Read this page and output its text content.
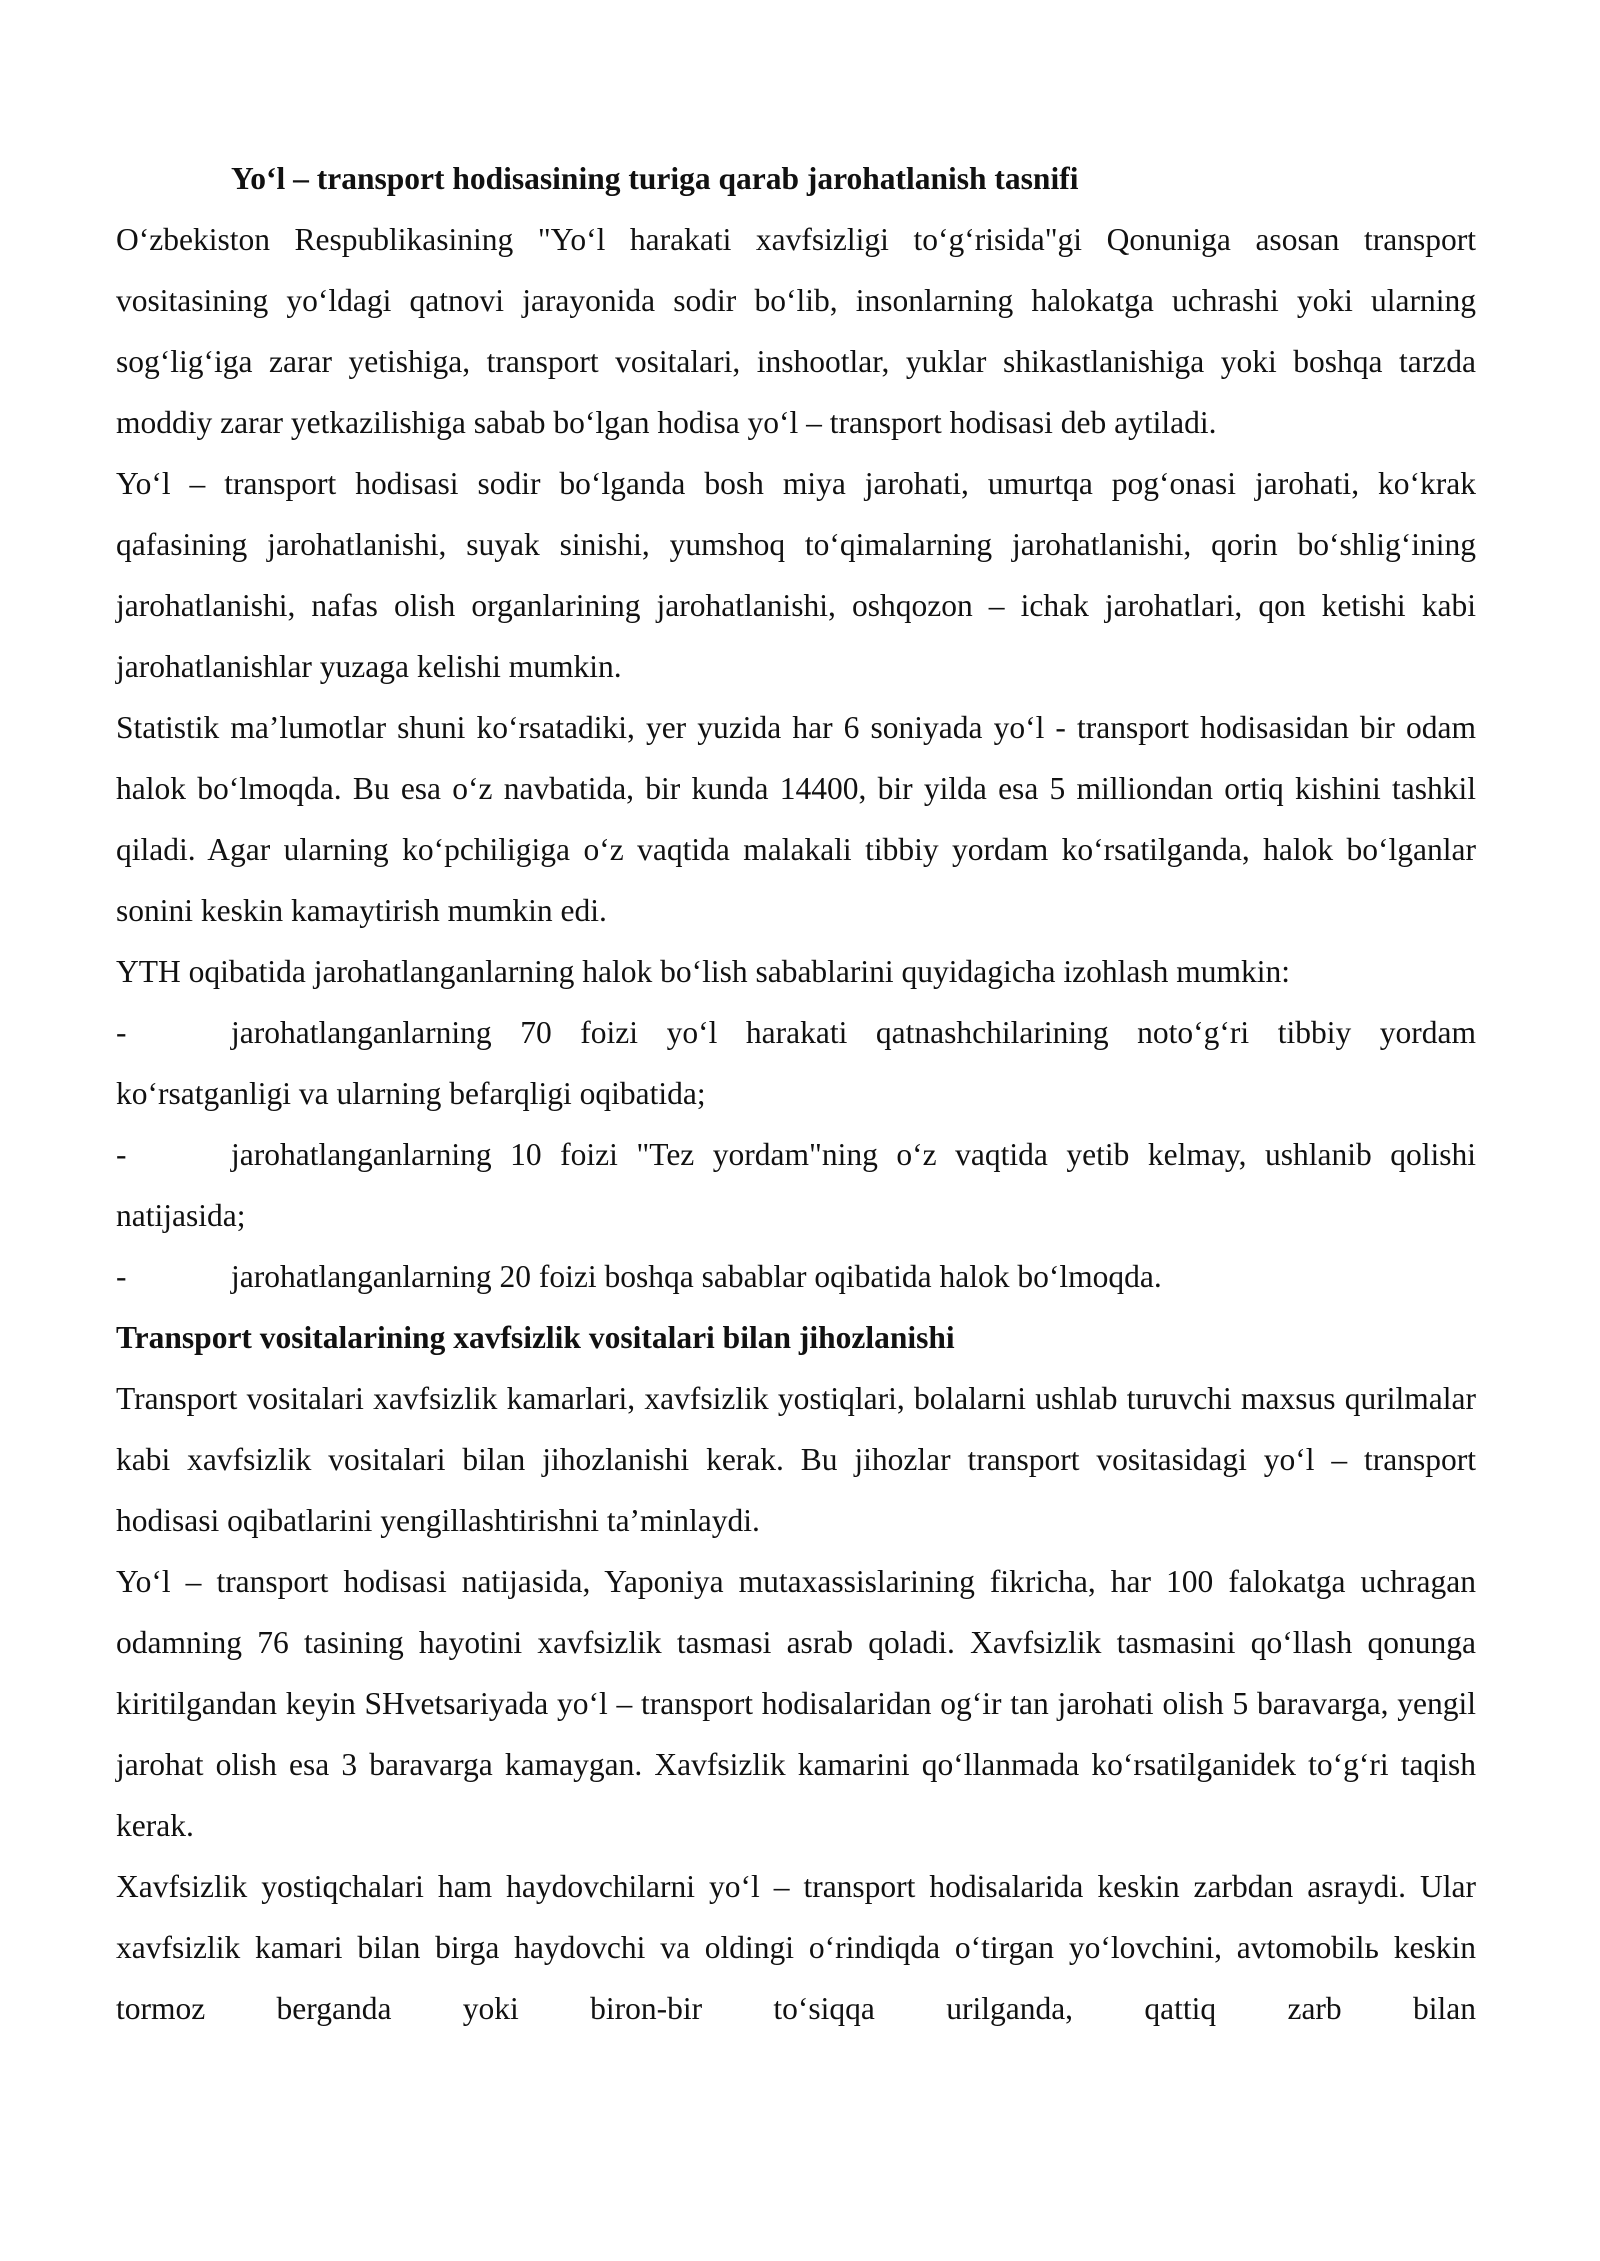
Yo‘l – transport hodisasining turiga qarab jarohatlanish tasnifi

O‘zbekiston Respublikasining "Yo‘l harakati xavfsizligi to‘g‘risida"gi Qonuniga asosan transport vositasining yo‘ldagi qatnovi jarayonida sodir bo‘lib, insonlarning halokatga uchrashi yoki ularning sog‘lig‘iga zarar yetishiga, transport vositalari, inshootlar, yuklar shikastlanishiga yoki boshqa tarzda moddiy zarar yetkazilishiga sabab bo‘lgan hodisa yo‘l – transport hodisasi deb aytiladi.

Yo‘l – transport hodisasi sodir bo‘lganda bosh miya jarohati, umurtqa pog‘onasi jarohati, ko‘krak qafasining jarohatlanishi, suyak sinishi, yumshoq to‘qimalarning jarohatlanishi, qorin bo‘shlig‘ining jarohatlanishi, nafas olish organlarining jarohatlanishi, oshqozon – ichak jarohatlari, qon ketishi kabi jarohatlanishlar yuzaga kelishi mumkin.

Statistik ma’lumotlar shuni ko‘rsatadiki, yer yuzida har 6 soniyada yo‘l - transport hodisasidan bir odam halok bo‘lmoqda. Bu esa o‘z navbatida, bir kunda 14400, bir yilda esa 5 milliondan ortiq kishini tashkil qiladi. Agar ularning ko‘pchiligiga o‘z vaqtida malakali tibbiy yordam ko‘rsatilganda, halok bo‘lganlar sonini keskin kamaytirish mumkin edi.

YTH oqibatida jarohatlanganlarning halok bo‘lish sabablarini quyidagicha izohlash mumkin:

-	jarohatlanganlarning 70 foizi yo‘l harakati qatnashchilarining noto‘g‘ri tibbiy yordam ko‘rsatganligi va ularning befarqligi oqibatida;

-	jarohatlanganlarning 10 foizi "Tez yordam"ning o‘z vaqtida yetib kelmay, ushlanib qolishi natijasida;

-	jarohatlanganlarning 20 foizi boshqa sabablar oqibatida halok bo‘lmoqda.

Transport vositalarining xavfsizlik vositalari bilan jihozlanishi

Transport vositalari xavfsizlik kamarlari, xavfsizlik yostiqlari, bolalarni ushlab turuvchi maxsus qurilmalar kabi xavfsizlik vositalari bilan jihozlanishi kerak. Bu jihozlar transport vositasidagi yo‘l – transport hodisasi oqibatlarini yengillashtirishni ta’minlaydi.

Yo‘l – transport hodisasi natijasida, Yaponiya mutaxassislarining fikricha, har 100 falokatga uchragan odamning 76 tasining hayotini xavfsizlik tasmasi asrab qoladi. Xavfsizlik tasmasini qo‘llash qonunga kiritilgandan keyin SHvetsariyada yo‘l – transport hodisalaridan og‘ir tan jarohati olish 5 baravarga, yengil jarohat olish esa 3 baravarga kamaygan. Xavfsizlik kamarini qo‘llanmada ko‘rsatilganidek to‘g‘ri taqish kerak.

Xavfsizlik yostiqchalari ham haydovchilarni yo‘l – transport hodisalarida keskin zarbdan asraydi. Ular xavfsizlik kamari bilan birga haydovchi va oldingi o‘rindiqda o‘tirgan yo‘lovchini, avtomobilь keskin tormoz berganda yoki biron-bir to‘siqqa urilganda, qattiq zarb bilan
